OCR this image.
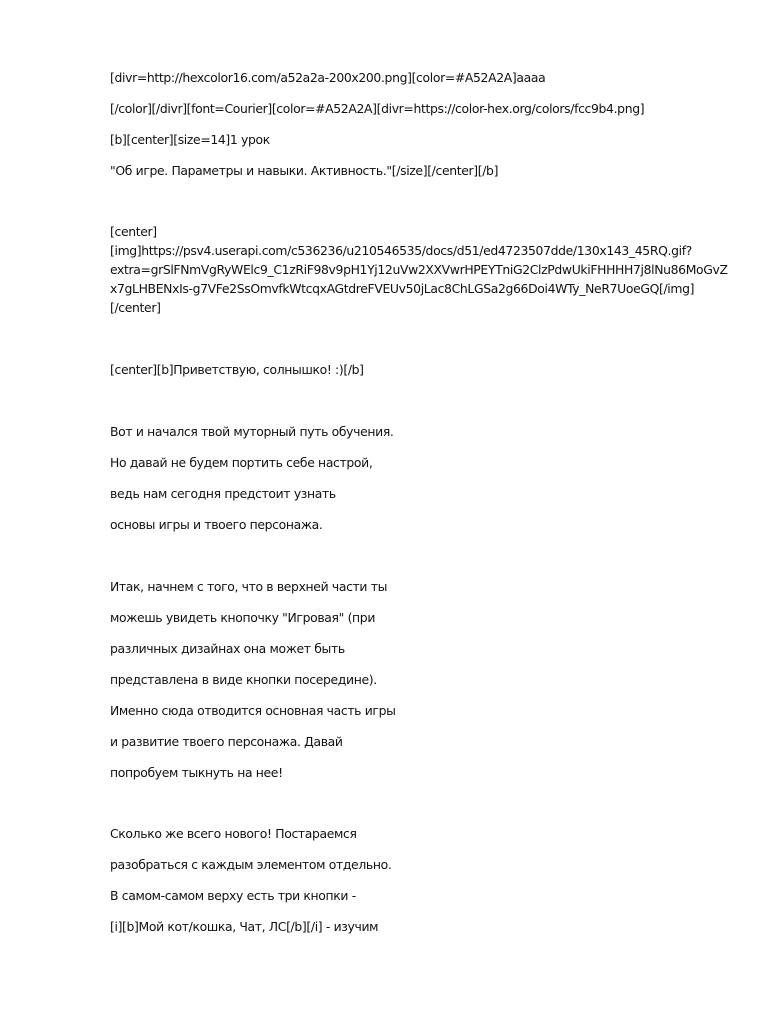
[divr=http://hexcolor16.com/a52a2a-200x200.png][color=#A52A2A]aaaa

[/color][/divr][font=Courier][color=#A52A2A][divr=https://color-hex.org/colors/fcc9b4.png]

[b][center][size=14]1 урок

"Об игре. Параметры и навыки. Активность."[/size][/center][/b]

[center]

[img]https://psv4.userapi.com/c536236/u210546535/docs/d51/ed4723507dde/130x143_45RQ.gif?

extra=grSlFNmVgRyWElc9_C1zRiF98v9pH1Yj12uVw2XXVwrHPEYTniG2ClzPdwUkiFHHHH7j8lNu86MoGvZ

x7gLHBENxIs-g7VFe2SsOmvfkWtcqxAGtdreFVEUv50jLac8ChLGSa2g66Doi4WTy_NeR7UoeGQ[/img]

[/center]

[center][b]Приветствую, солнышко! :)[/b]

Вот и начался твой муторный путь обучения.

Но давай не будем портить себе настрой,

ведь нам сегодня предстоит узнать

основы игры и твоего персонажа.

Итак, начнем с того, что в верхней части ты

можешь увидеть кнопочку "Игровая" (при

различных дизайнах она может быть

представлена в виде кнопки посередине).

Именно сюда отводится основная часть игры

и развитие твоего персонажа. Давай

попробуем тыкнуть на нее!

Сколько же всего нового! Постараемся

разобраться с каждым элементом отдельно.

В самом-самом верху есть три кнопки -

[i][b]Мой кот/кошка, Чат, ЛС[/b][/i] - изучим
